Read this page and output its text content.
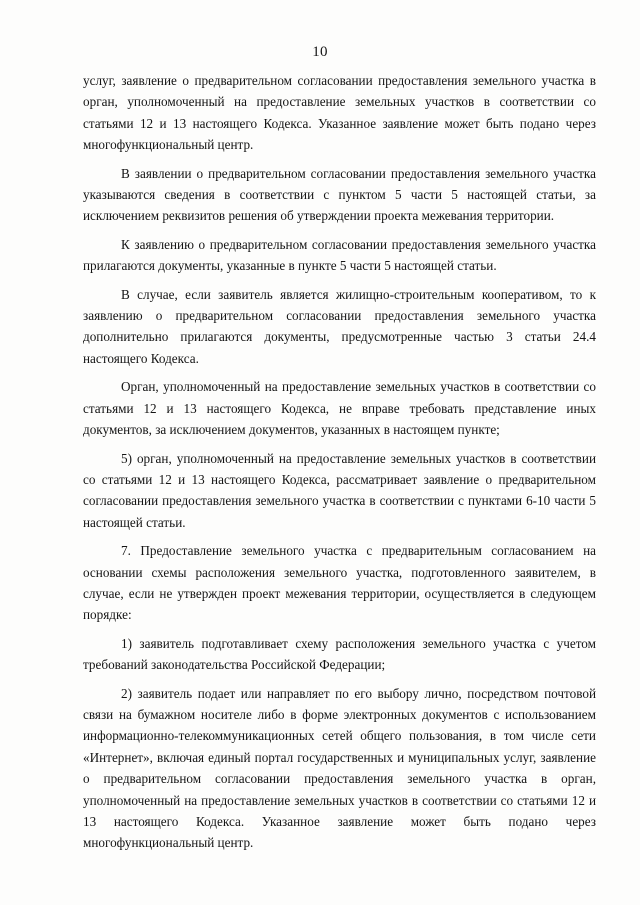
10

услуг, заявление о предварительном согласовании предоставления земельного участка в орган, уполномоченный на предоставление земельных участков в соответствии со статьями 12 и 13 настоящего Кодекса. Указанное заявление может быть подано через многофункциональный центр.

В заявлении о предварительном согласовании предоставления земельного участка указываются сведения в соответствии с пунктом 5 части 5 настоящей статьи, за исключением реквизитов решения об утверждении проекта межевания территории.

К заявлению о предварительном согласовании предоставления земельного участка прилагаются документы, указанные в пункте 5 части 5 настоящей статьи.

В случае, если заявитель является жилищно-строительным кооперативом, то к заявлению о предварительном согласовании предоставления земельного участка дополнительно прилагаются документы, предусмотренные частью 3 статьи 24.4 настоящего Кодекса.

Орган, уполномоченный на предоставление земельных участков в соответствии со статьями 12 и 13 настоящего Кодекса, не вправе требовать представление иных документов, за исключением документов, указанных в настоящем пункте;

5) орган, уполномоченный на предоставление земельных участков в соответствии со статьями 12 и 13 настоящего Кодекса, рассматривает заявление о предварительном согласовании предоставления земельного участка в соответствии с пунктами 6-10 части 5 настоящей статьи.

7. Предоставление земельного участка с предварительным согласованием на основании схемы расположения земельного участка, подготовленного заявителем, в случае, если не утвержден проект межевания территории, осуществляется в следующем порядке:

1) заявитель подготавливает схему расположения земельного участка с учетом требований законодательства Российской Федерации;

2) заявитель подает или направляет по его выбору лично, посредством почтовой связи на бумажном носителе либо в форме электронных документов с использованием информационно-телекоммуникационных сетей общего пользования, в том числе сети «Интернет», включая единый портал государственных и муниципальных услуг, заявление о предварительном согласовании предоставления земельного участка в орган, уполномоченный на предоставление земельных участков в соответствии со статьями 12 и 13 настоящего Кодекса. Указанное заявление может быть подано через многофункциональный центр.
